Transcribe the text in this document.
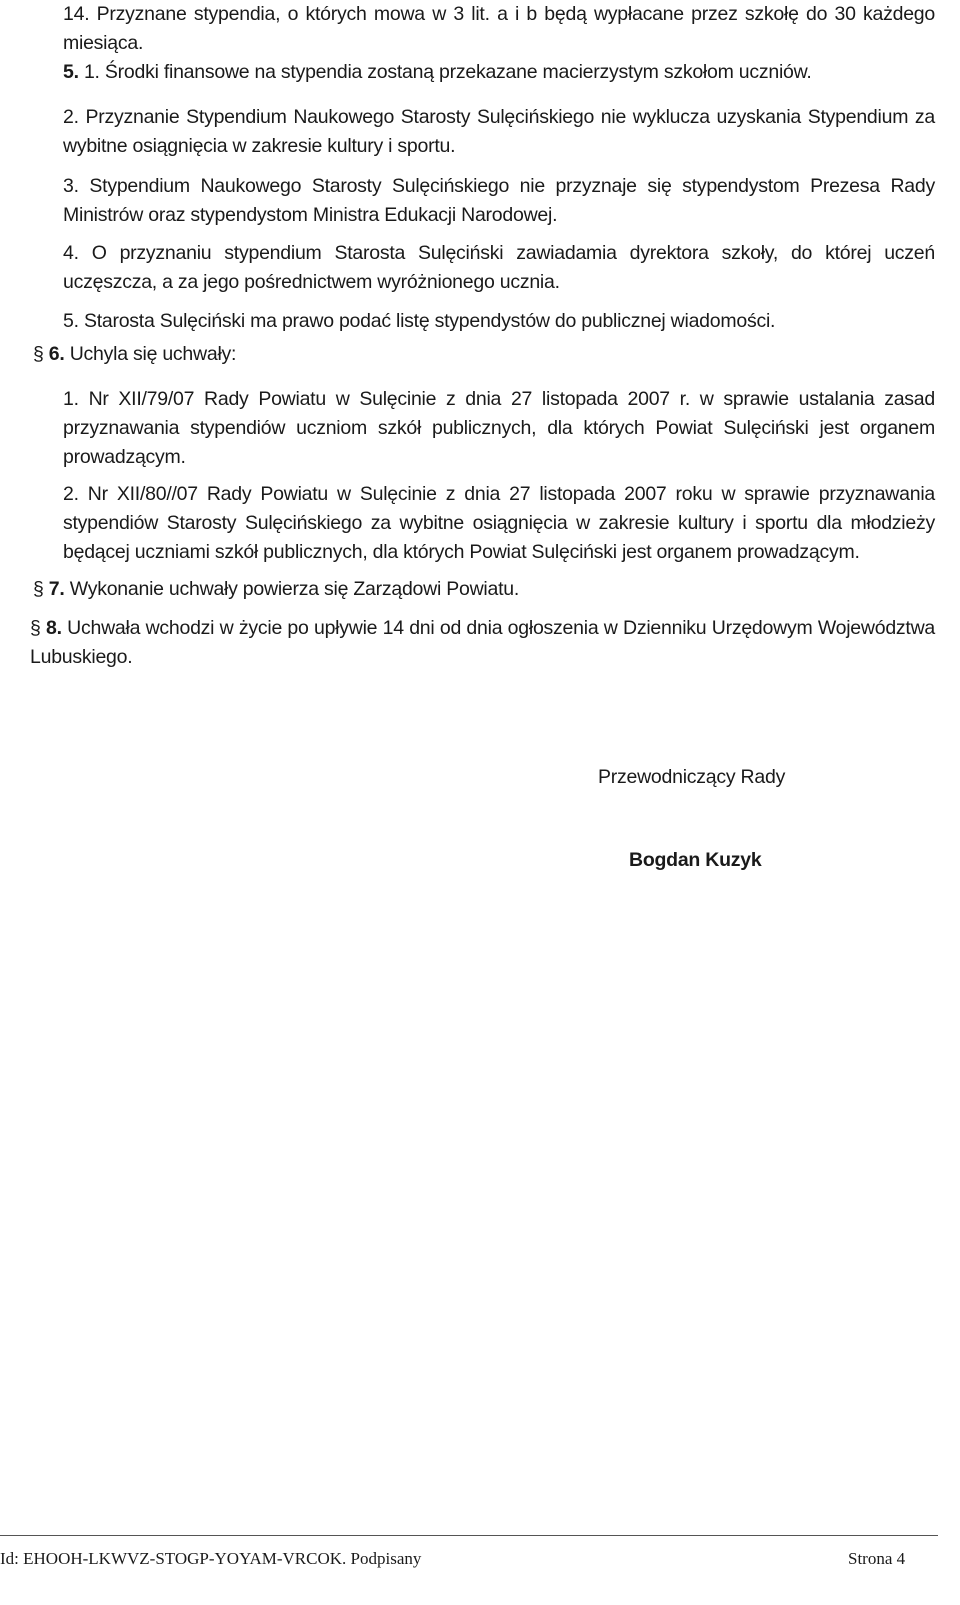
14. Przyznane stypendia, o których mowa w 3 lit. a i b będą wypłacane przez szkołę do 30 każdego miesiąca.

5. 1. Środki finansowe na stypendia zostaną przekazane macierzystym szkołom uczniów.

2. Przyznanie Stypendium Naukowego Starosty Sulęcińskiego nie wyklucza uzyskania Stypendium za wybitne osiągnięcia w zakresie kultury i sportu.

3. Stypendium Naukowego Starosty Sulęcińskiego nie przyznaje się stypendystom Prezesa Rady Ministrów oraz stypendystom Ministra Edukacji Narodowej.

4. O przyznaniu stypendium Starosta Sulęciński zawiadamia dyrektora szkoły, do której uczeń uczęszcza, a za jego pośrednictwem wyróżnionego ucznia.

5. Starosta Sulęciński ma prawo podać listę stypendystów do publicznej wiadomości.

§ 6. Uchyla się uchwały:

1. Nr XII/79/07 Rady Powiatu w Sulęcinie z dnia 27 listopada 2007 r. w sprawie ustalania zasad przyznawania stypendiów uczniom szkół publicznych, dla których Powiat Sulęciński jest organem prowadzącym.

2. Nr XII/80//07 Rady Powiatu w Sulęcinie z dnia 27 listopada 2007 roku w sprawie przyznawania stypendiów Starosty Sulęcińskiego za wybitne osiągnięcia w zakresie kultury i sportu dla młodzieży będącej uczniami szkół publicznych, dla których Powiat Sulęciński jest organem prowadzącym.

§ 7. Wykonanie uchwały powierza się Zarządowi Powiatu.

§ 8. Uchwała wchodzi w życie po upływie 14 dni od dnia ogłoszenia w Dzienniku Urzędowym Województwa Lubuskiego.

Przewodniczący Rady
Bogdan Kuzyk
Id: EHOOH-LKWVZ-STOGP-YOYAM-VRCOK. Podpisany	Strona 4
